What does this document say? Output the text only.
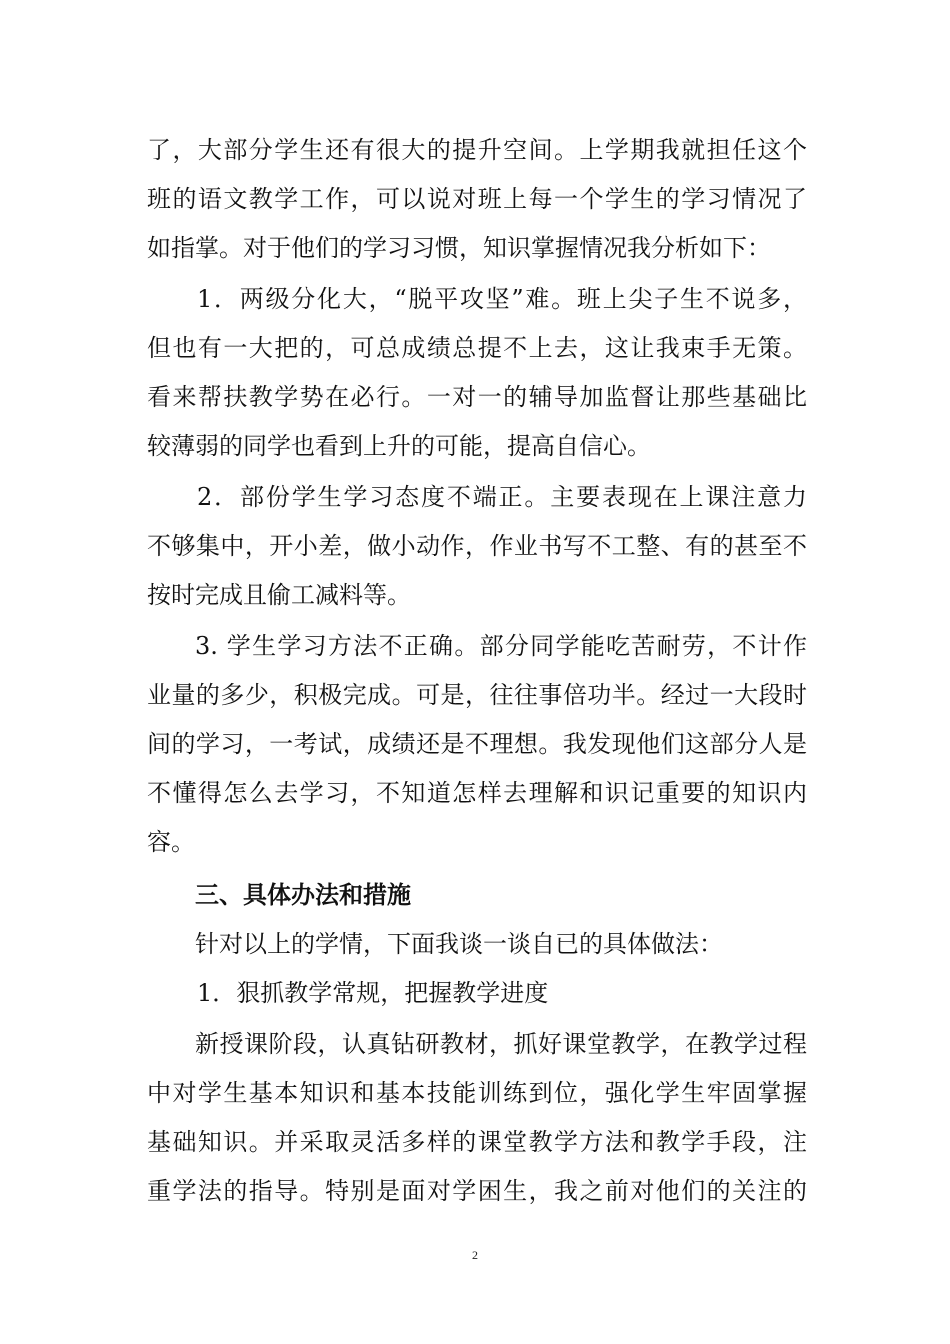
了，大部分学生还有很大的提升空间。上学期我就担任这个
班的语文教学工作，可以说对班上每一个学生的学习情况了
如指掌。对于他们的学习习惯，知识掌握情况我分析如下：
1．两级分化大，“脱平攻坚”难。班上尖子生不说多，
但也有一大把的，可总成绩总提不上去，这让我束手无策。
看来帮扶教学势在必行。一对一的辅导加监督让那些基础比
较薄弱的同学也看到上升的可能，提高自信心。
2．部份学生学习态度不端正。主要表现在上课注意力
不够集中，开小差，做小动作，作业书写不工整、有的甚至不
按时完成且偷工减料等。
3. 学生学习方法不正确。部分同学能吃苦耐劳，不计作
业量的多少，积极完成。可是，往往事倍功半。经过一大段时
间的学习，一考试，成绩还是不理想。我发现他们这部分人是
不懂得怎么去学习，不知道怎样去理解和识记重要的知识内
容。
三、具体办法和措施
针对以上的学情，下面我谈一谈自已的具体做法：
1．狠抓教学常规，把握教学进度
新授课阶段，认真钻研教材，抓好课堂教学，在教学过程
中对学生基本知识和基本技能训练到位，强化学生牢固掌握
基础知识。并采取灵活多样的课堂教学方法和教学手段，注
重学法的指导。特别是面对学困生，我之前对他们的关注的
2
